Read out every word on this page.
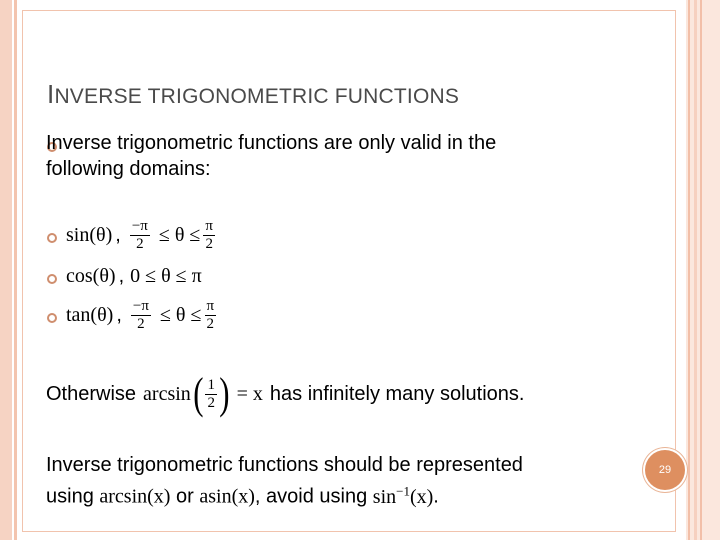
INVERSE TRIGONOMETRIC FUNCTIONS
Inverse trigonometric functions are only valid in the
following domains:
sin(θ) , $\frac{-\pi}{2} \le \theta \le \frac{\pi}{2}$
cos(θ) , 0 ≤ θ ≤ π
tan(θ) , $\frac{-\pi}{2} \le \theta \le \frac{\pi}{2}$
Otherwise arcsin ( $\frac{1}{2}$ ) = x has infinitely many solutions.
Inverse trigonometric functions should be represented
using arcsin(x) or asin(x), avoid using $\sin^{-1}(x)$.
29
